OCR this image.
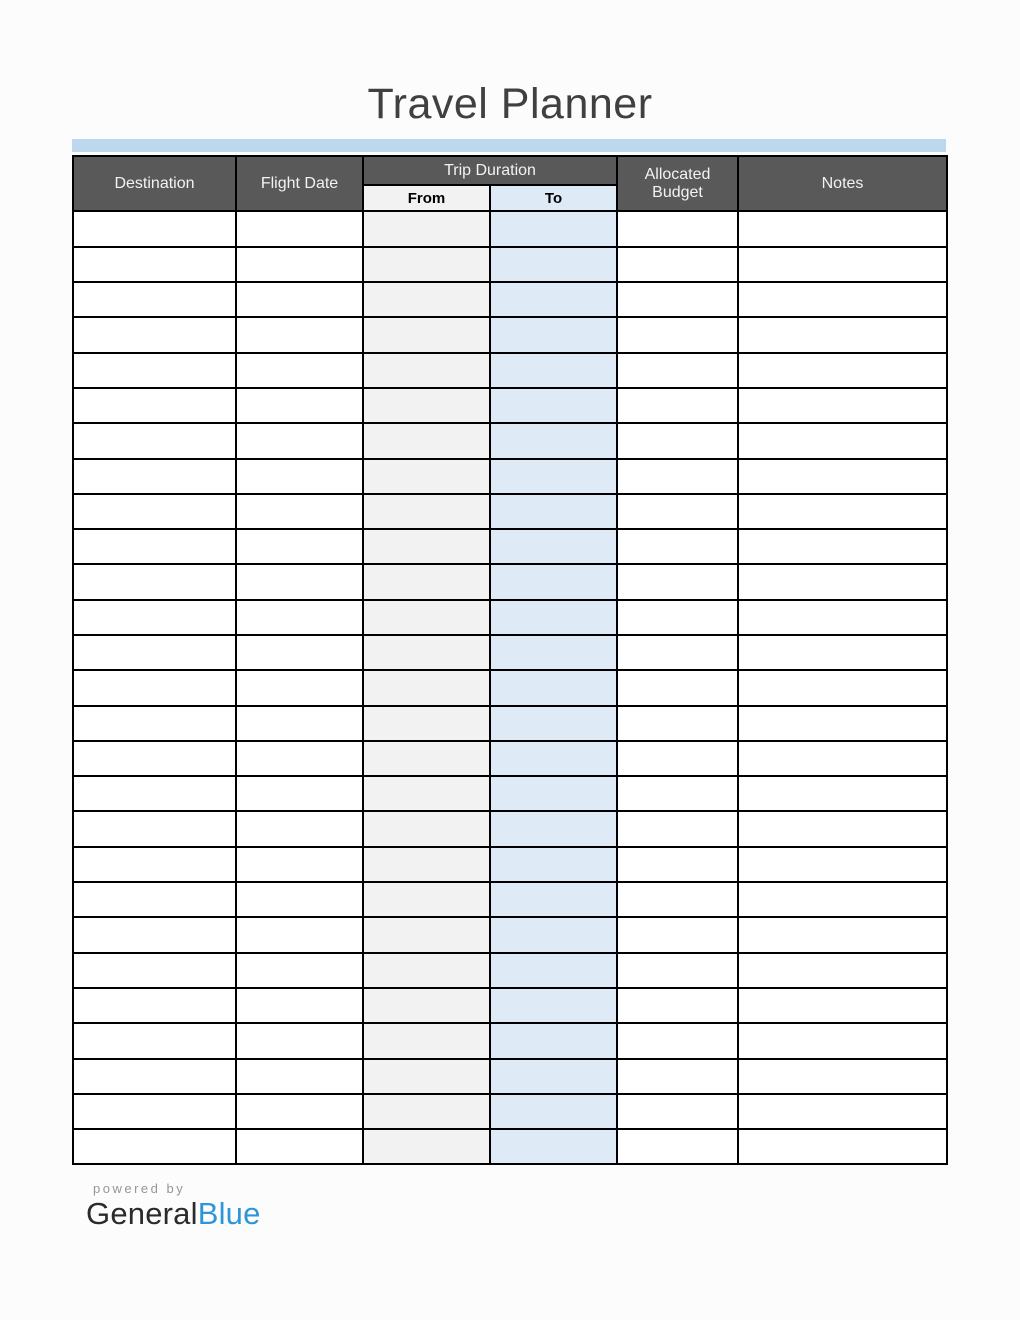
Travel Planner
Destination	Flight Date	Trip Duration		Allocated Budget	Notes
		From	To		

powered by
GeneralBlue
